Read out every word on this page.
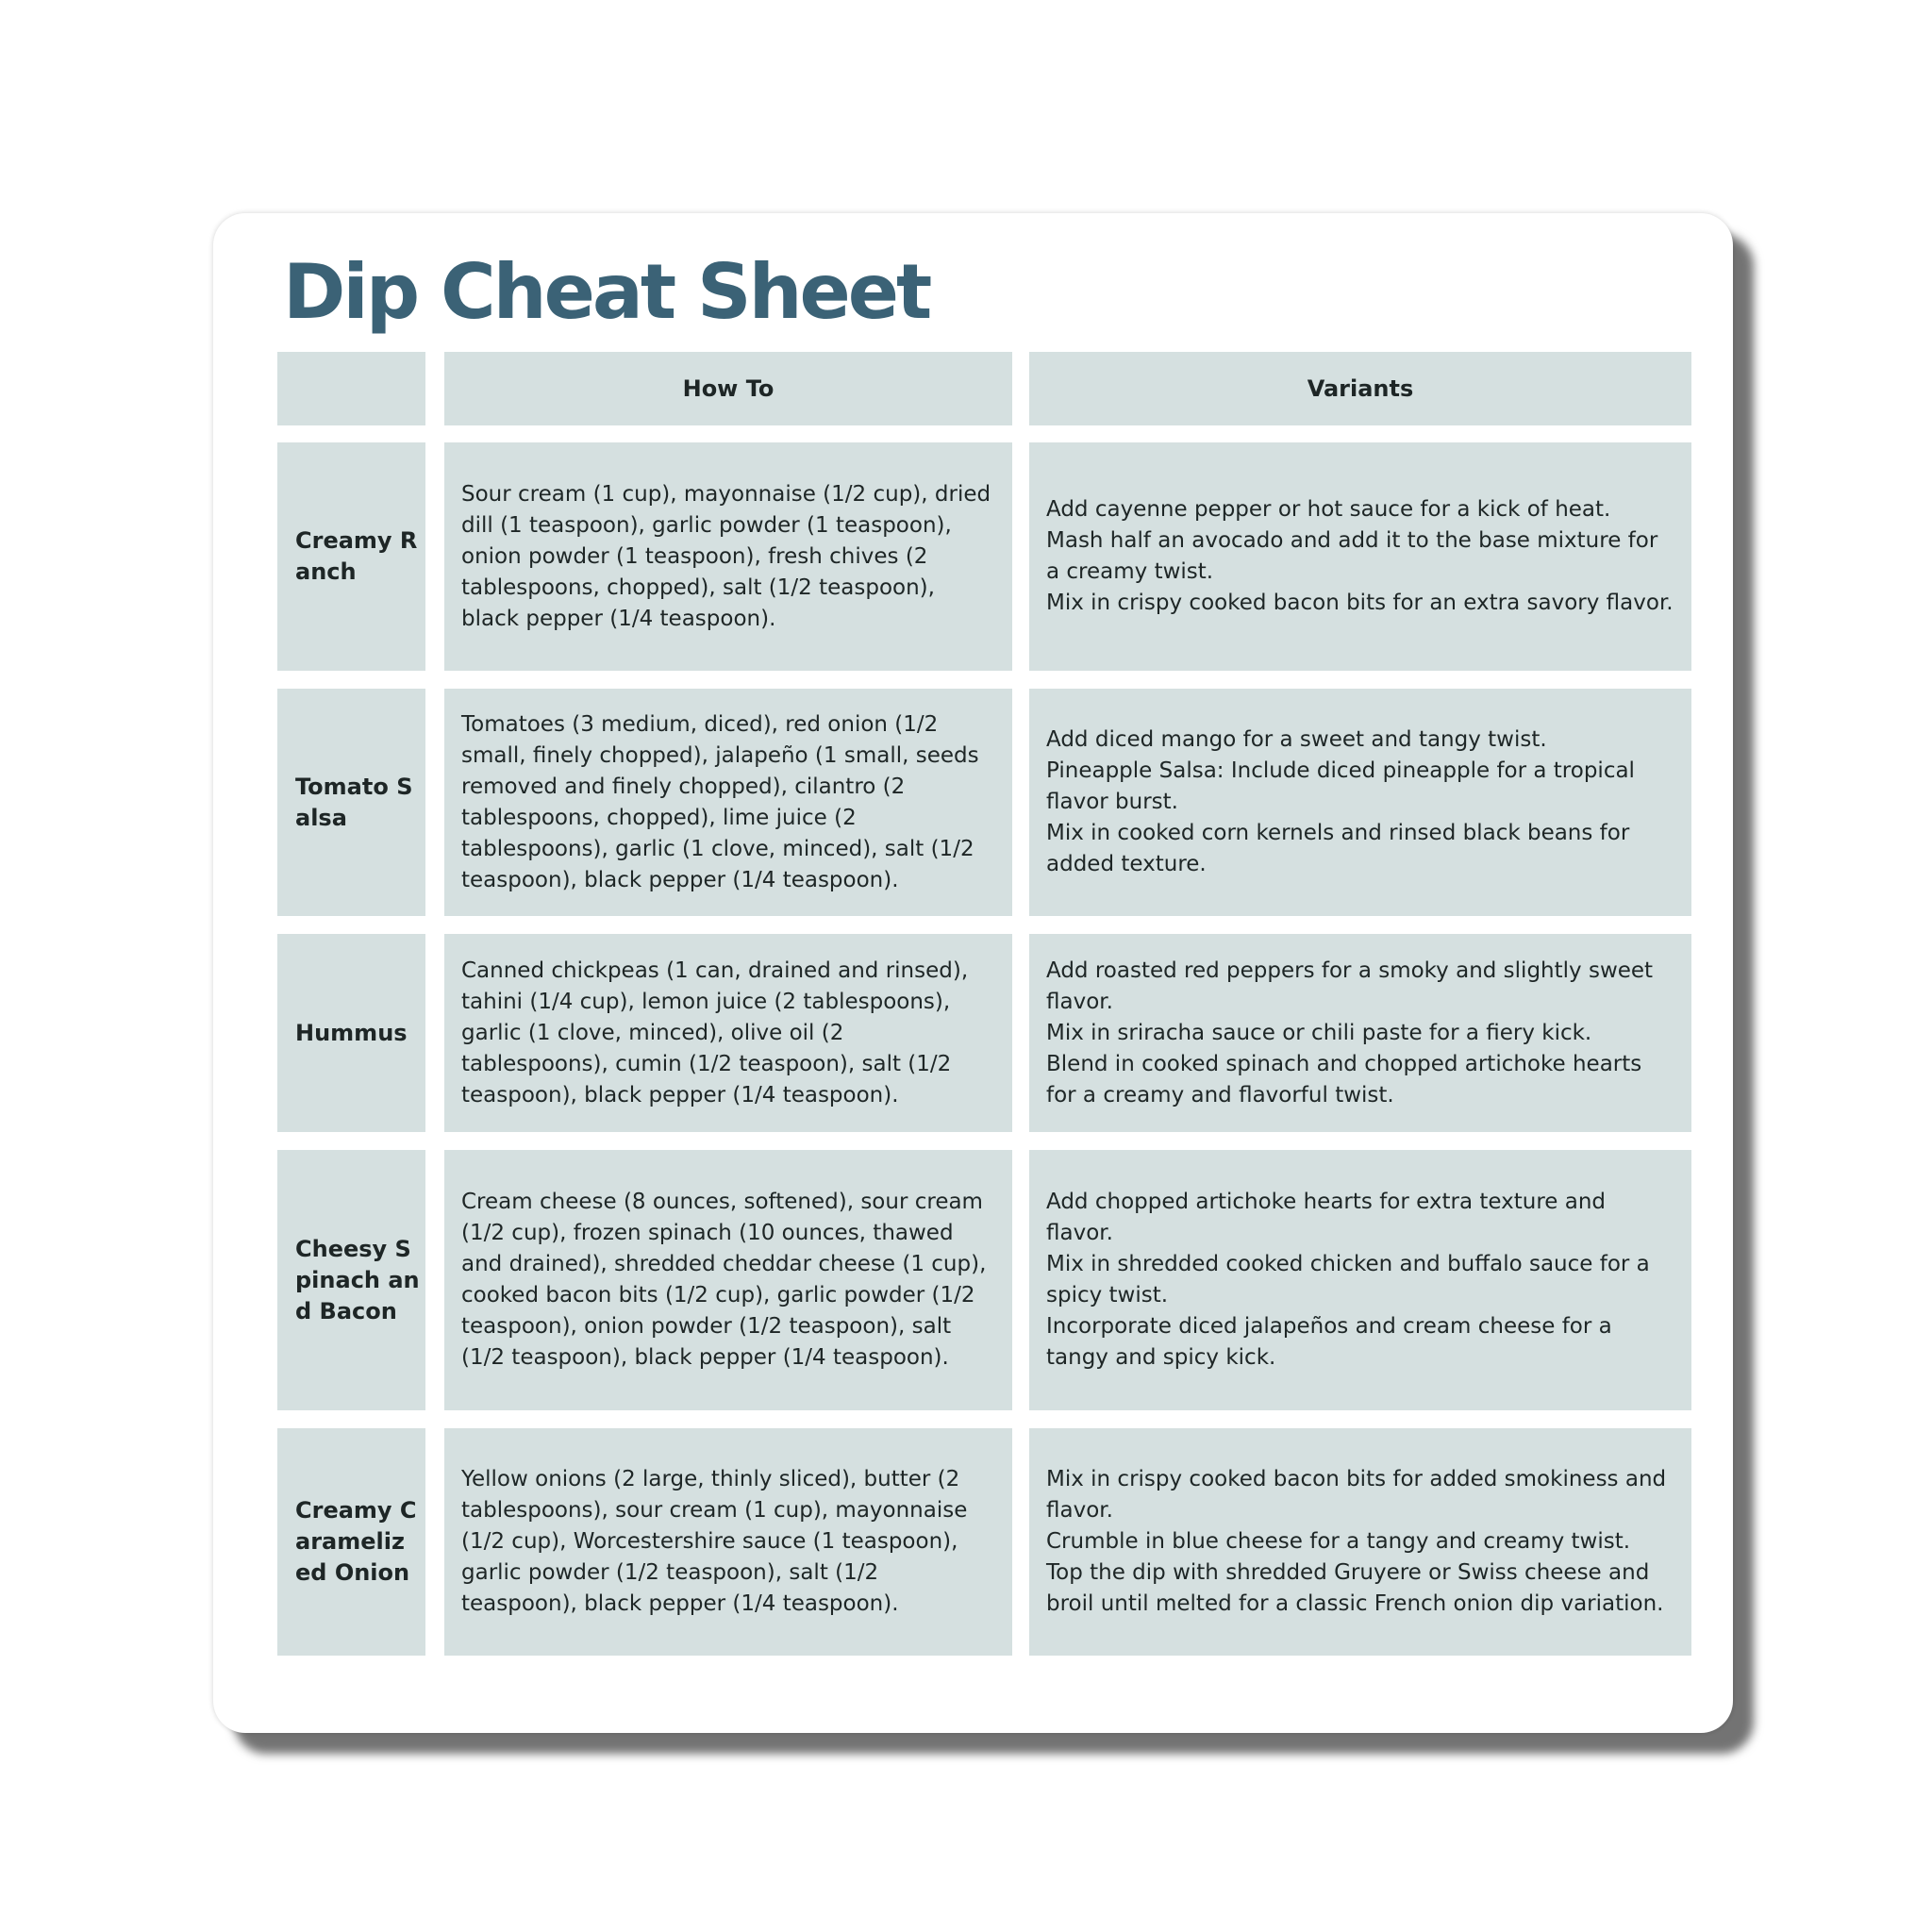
Dip Cheat Sheet
How To	Variants
Creamy Ranch
Sour cream (1 cup), mayonnaise (1/2 cup), dried dill (1 teaspoon), garlic powder (1 teaspoon), onion powder (1 teaspoon), fresh chives (2 tablespoons, chopped), salt (1/2 teaspoon), black pepper (1/4 teaspoon).
Add cayenne pepper or hot sauce for a kick of heat.
Mash half an avocado and add it to the base mixture for a creamy twist.
Mix in crispy cooked bacon bits for an extra savory flavor.
Tomato Salsa
Tomatoes (3 medium, diced), red onion (1/2 small, finely chopped), jalapeño (1 small, seeds removed and finely chopped), cilantro (2 tablespoons, chopped), lime juice (2 tablespoons), garlic (1 clove, minced), salt (1/2 teaspoon), black pepper (1/4 teaspoon).
Add diced mango for a sweet and tangy twist.
Pineapple Salsa: Include diced pineapple for a tropical flavor burst.
Mix in cooked corn kernels and rinsed black beans for added texture.
Hummus
Canned chickpeas (1 can, drained and rinsed), tahini (1/4 cup), lemon juice (2 tablespoons), garlic (1 clove, minced), olive oil (2 tablespoons), cumin (1/2 teaspoon), salt (1/2 teaspoon), black pepper (1/4 teaspoon).
Add roasted red peppers for a smoky and slightly sweet flavor.
Mix in sriracha sauce or chili paste for a fiery kick.
Blend in cooked spinach and chopped artichoke hearts for a creamy and flavorful twist.
Cheesy Spinach and Bacon
Cream cheese (8 ounces, softened), sour cream (1/2 cup), frozen spinach (10 ounces, thawed and drained), shredded cheddar cheese (1 cup), cooked bacon bits (1/2 cup), garlic powder (1/2 teaspoon), onion powder (1/2 teaspoon), salt (1/2 teaspoon), black pepper (1/4 teaspoon).
Add chopped artichoke hearts for extra texture and flavor.
Mix in shredded cooked chicken and buffalo sauce for a spicy twist.
Incorporate diced jalapeños and cream cheese for a tangy and spicy kick.
Creamy Caramelized Onion
Yellow onions (2 large, thinly sliced), butter (2 tablespoons), sour cream (1 cup), mayonnaise (1/2 cup), Worcestershire sauce (1 teaspoon), garlic powder (1/2 teaspoon), salt (1/2 teaspoon), black pepper (1/4 teaspoon).
Mix in crispy cooked bacon bits for added smokiness and flavor.
Crumble in blue cheese for a tangy and creamy twist.
Top the dip with shredded Gruyere or Swiss cheese and broil until melted for a classic French onion dip variation.
